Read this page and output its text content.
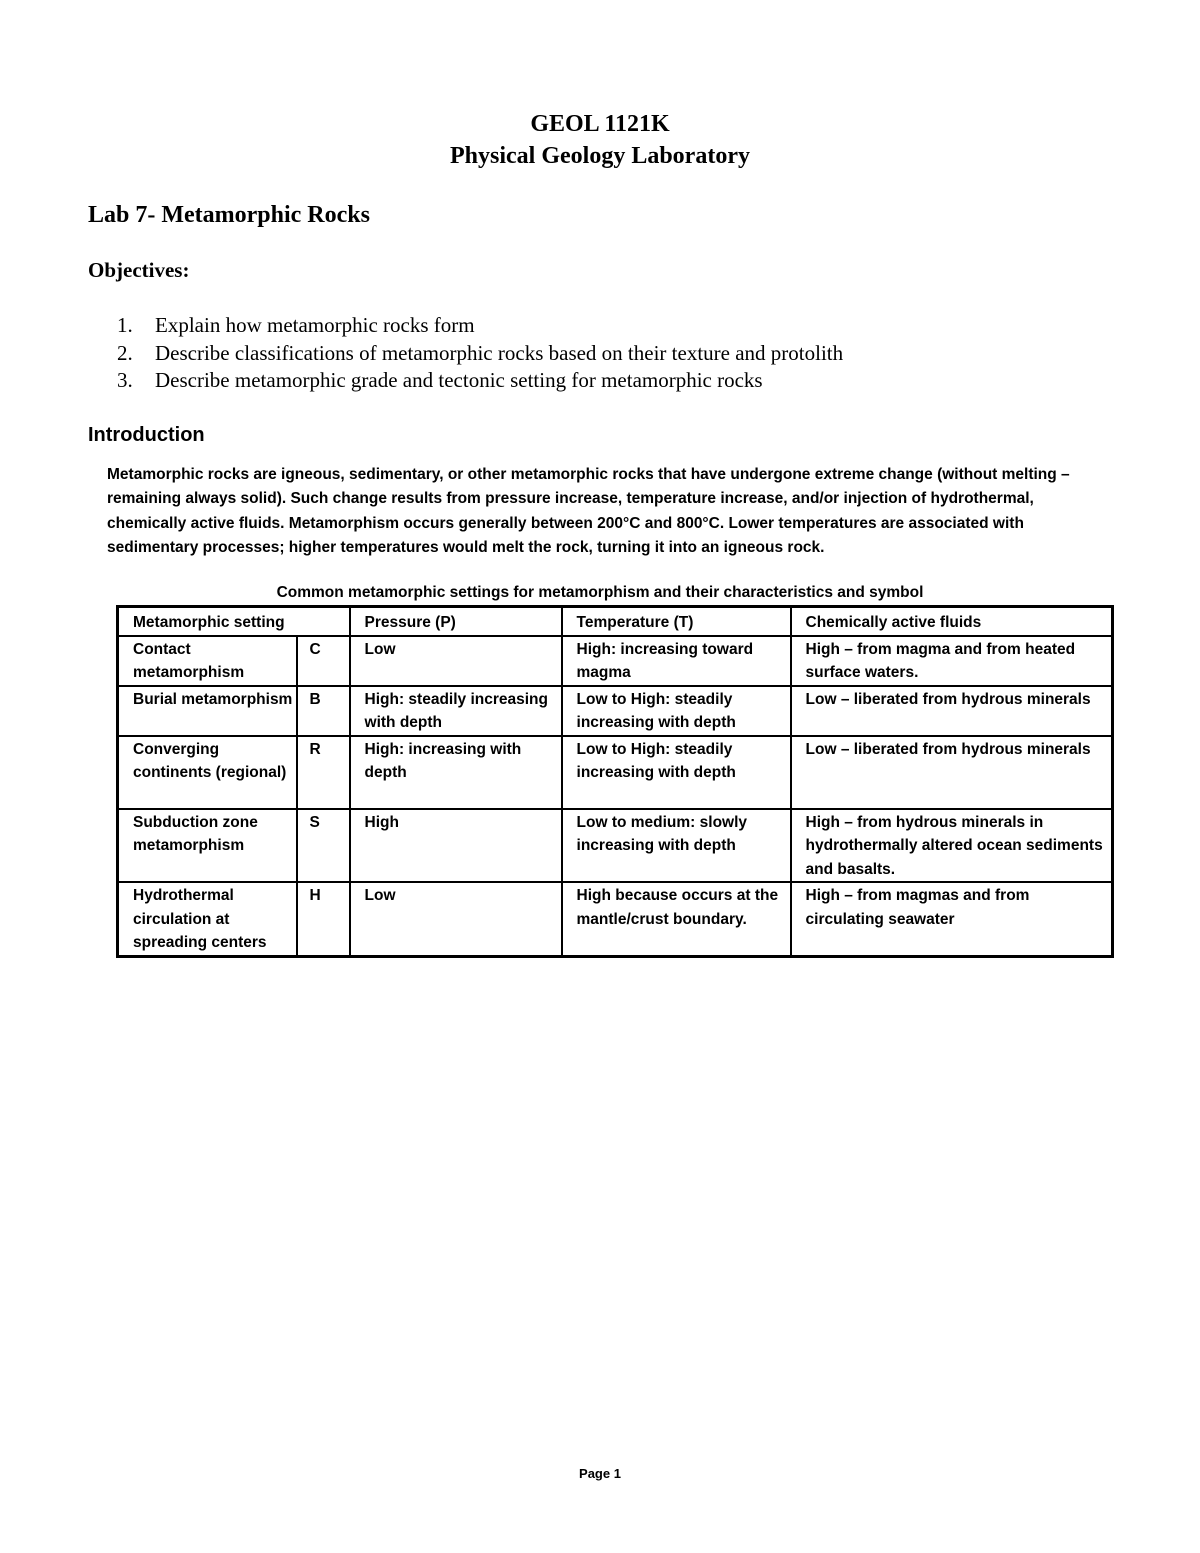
GEOL 1121K
Physical Geology Laboratory
Lab 7- Metamorphic Rocks
Objectives:
1.	Explain how metamorphic rocks form
2.	Describe classifications of metamorphic rocks based on their texture and protolith
3.	Describe metamorphic grade and tectonic setting for metamorphic rocks
Introduction

Metamorphic rocks are igneous, sedimentary, or other metamorphic rocks that have undergone extreme change (without melting – remaining always solid). Such change results from pressure increase, temperature increase, and/or injection of hydrothermal, chemically active fluids. Metamorphism occurs generally between 200°C and 800°C. Lower temperatures are associated with sedimentary processes; higher temperatures would melt the rock, turning it into an igneous rock.

Common metamorphic settings for metamorphism and their characteristics and symbol
Metamorphic setting		Pressure (P)	Temperature (T)	Chemically active fluids
Contact metamorphism	C	Low	High: increasing toward magma	High – from magma and from heated surface waters.
Burial metamorphism	B	High: steadily increasing with depth	Low to High: steadily increasing with depth	Low – liberated from hydrous minerals
Converging continents (regional)	R	High: increasing with depth	Low to High: steadily increasing with depth	Low – liberated from hydrous minerals
Subduction zone metamorphism	S	High	Low to medium: slowly increasing with depth	High – from hydrous minerals in hydrothermally altered ocean sediments and basalts.
Hydrothermal circulation at spreading centers	H	Low	High because occurs at the mantle/crust boundary.	High – from magmas and from circulating seawater
Page 1
